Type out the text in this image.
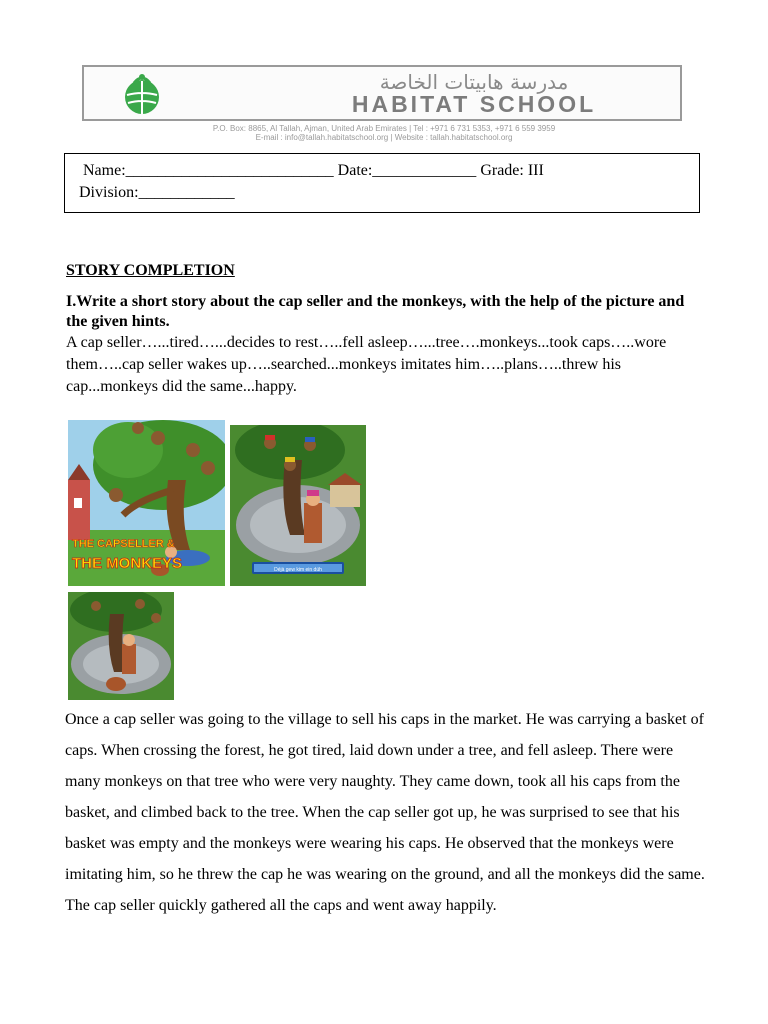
مدرسة هابيتات الخاصة
HABITAT SCHOOL
P.O. Box: 8865, Al Tallah, Ajman, United Arab Emirates | Tel : +971 6 731 5353, +971 6 559 3959
E-mail : info@tallah.habitatschool.org | Website : tallah.habitatschool.org
Name:__________________________ Date:_____________ Grade: III
Division:____________
STORY COMPLETION
I.Write a short story about the cap seller and the monkeys, with the help of the picture and the given hints.
A cap seller…...tired…...decides to rest…..fell asleep…...tree….monkeys...took caps…..wore them…..cap seller wakes up…..searched...monkeys imitates him…..plans…..threw his cap...monkeys did the same...happy.
THE CAPSELLER &
THE MONKEYS	Déjà gew kim ein düh
Once a cap seller was going to the village to sell his caps in the market. He was carrying a basket of caps. When crossing the forest, he got tired, laid down under a tree, and fell asleep. There were many monkeys on that tree who were very naughty. They came down, took all his caps from the basket, and climbed back to the tree. When the cap seller got up, he was surprised to see that his basket was empty and the monkeys were wearing his caps. He observed that the monkeys were imitating him, so he threw the cap he was wearing on the ground, and all the monkeys did the same. The cap seller quickly gathered all the caps and went away happily.
